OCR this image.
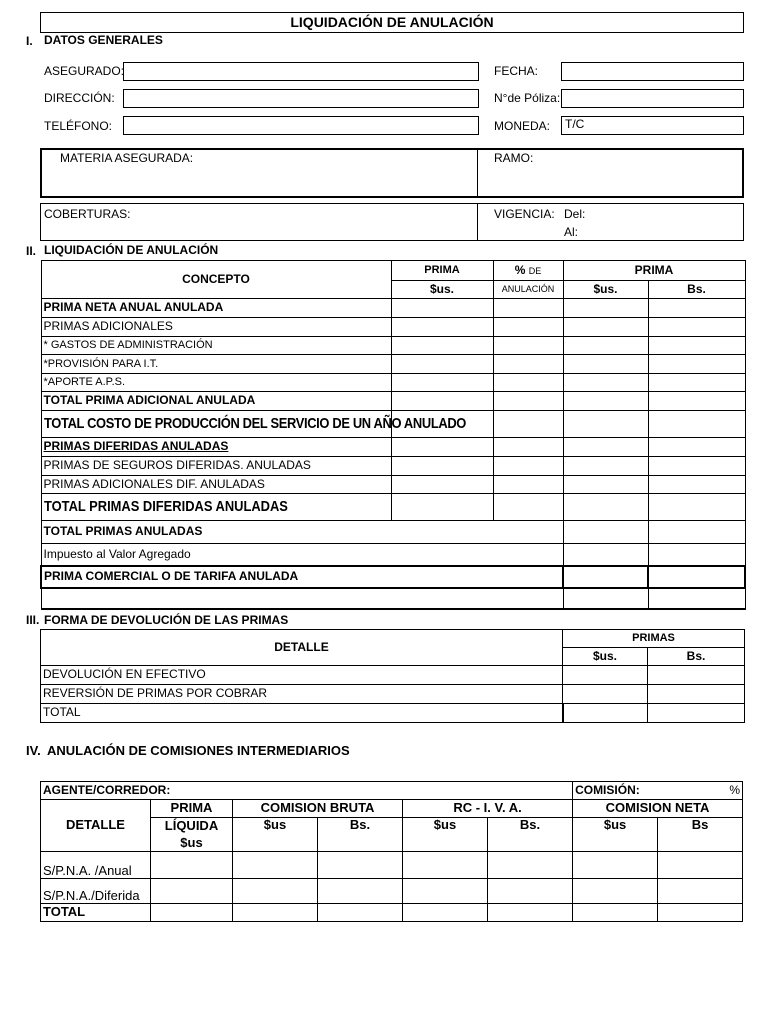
LIQUIDACIÓN DE ANULACIÓN
I. DATOS GENERALES
ASEGURADO:
DIRECCIÓN:
TELÉFONO:
FECHA:
N°de Póliza:
MONEDA: T/C
MATERIA ASEGURADA:	RAMO:
COBERTURAS:	VIGENCIA: Del:
Al:
II. LIQUIDACIÓN DE ANULACIÓN
CONCEPTO	PRIMA	% DE	PRIMA	
	$us.	ANULACIÓN	$us.	Bs.
PRIMA NETA ANUAL ANULADA				
PRIMAS ADICIONALES				
* GASTOS DE ADMINISTRACIÓN				
*PROVISIÓN PARA I.T.				
*APORTE A.P.S.				
TOTAL PRIMA ADICIONAL ANULADA				
TOTAL COSTO DE PRODUCCIÓN DEL SERVICIO DE UN AÑO ANULADO				
PRIMAS DIFERIDAS ANULADAS				
PRIMAS DE SEGUROS DIFERIDAS. ANULADAS				
PRIMAS ADICIONALES DIF. ANULADAS				
TOTAL PRIMAS DIFERIDAS ANULADAS				
TOTAL PRIMAS ANULADAS				
Impuesto al Valor Agregado				
PRIMA COMERCIAL O DE TARIFA ANULADA				

III. FORMA DE DEVOLUCIÓN DE LAS PRIMAS
DETALLE	PRIMAS	
	$us.	Bs.
DEVOLUCIÓN EN EFECTIVO		
REVERSIÓN DE PRIMAS POR COBRAR		
TOTAL		
IV. ANULACIÓN DE COMISIONES INTERMEDIARIOS
AGENTE/CORREDOR:						COMISIÓN: %	

DETALLE	PRIMA	COMISION BRUTA		RC - I. V. A.		COMISION NETA	

	LÍQUIDA
$us	$us	Bs.	$us	Bs.	$us	Bs
S/P.N.A. /Anual							
S/P.N.A./Diferida							
TOTAL							
